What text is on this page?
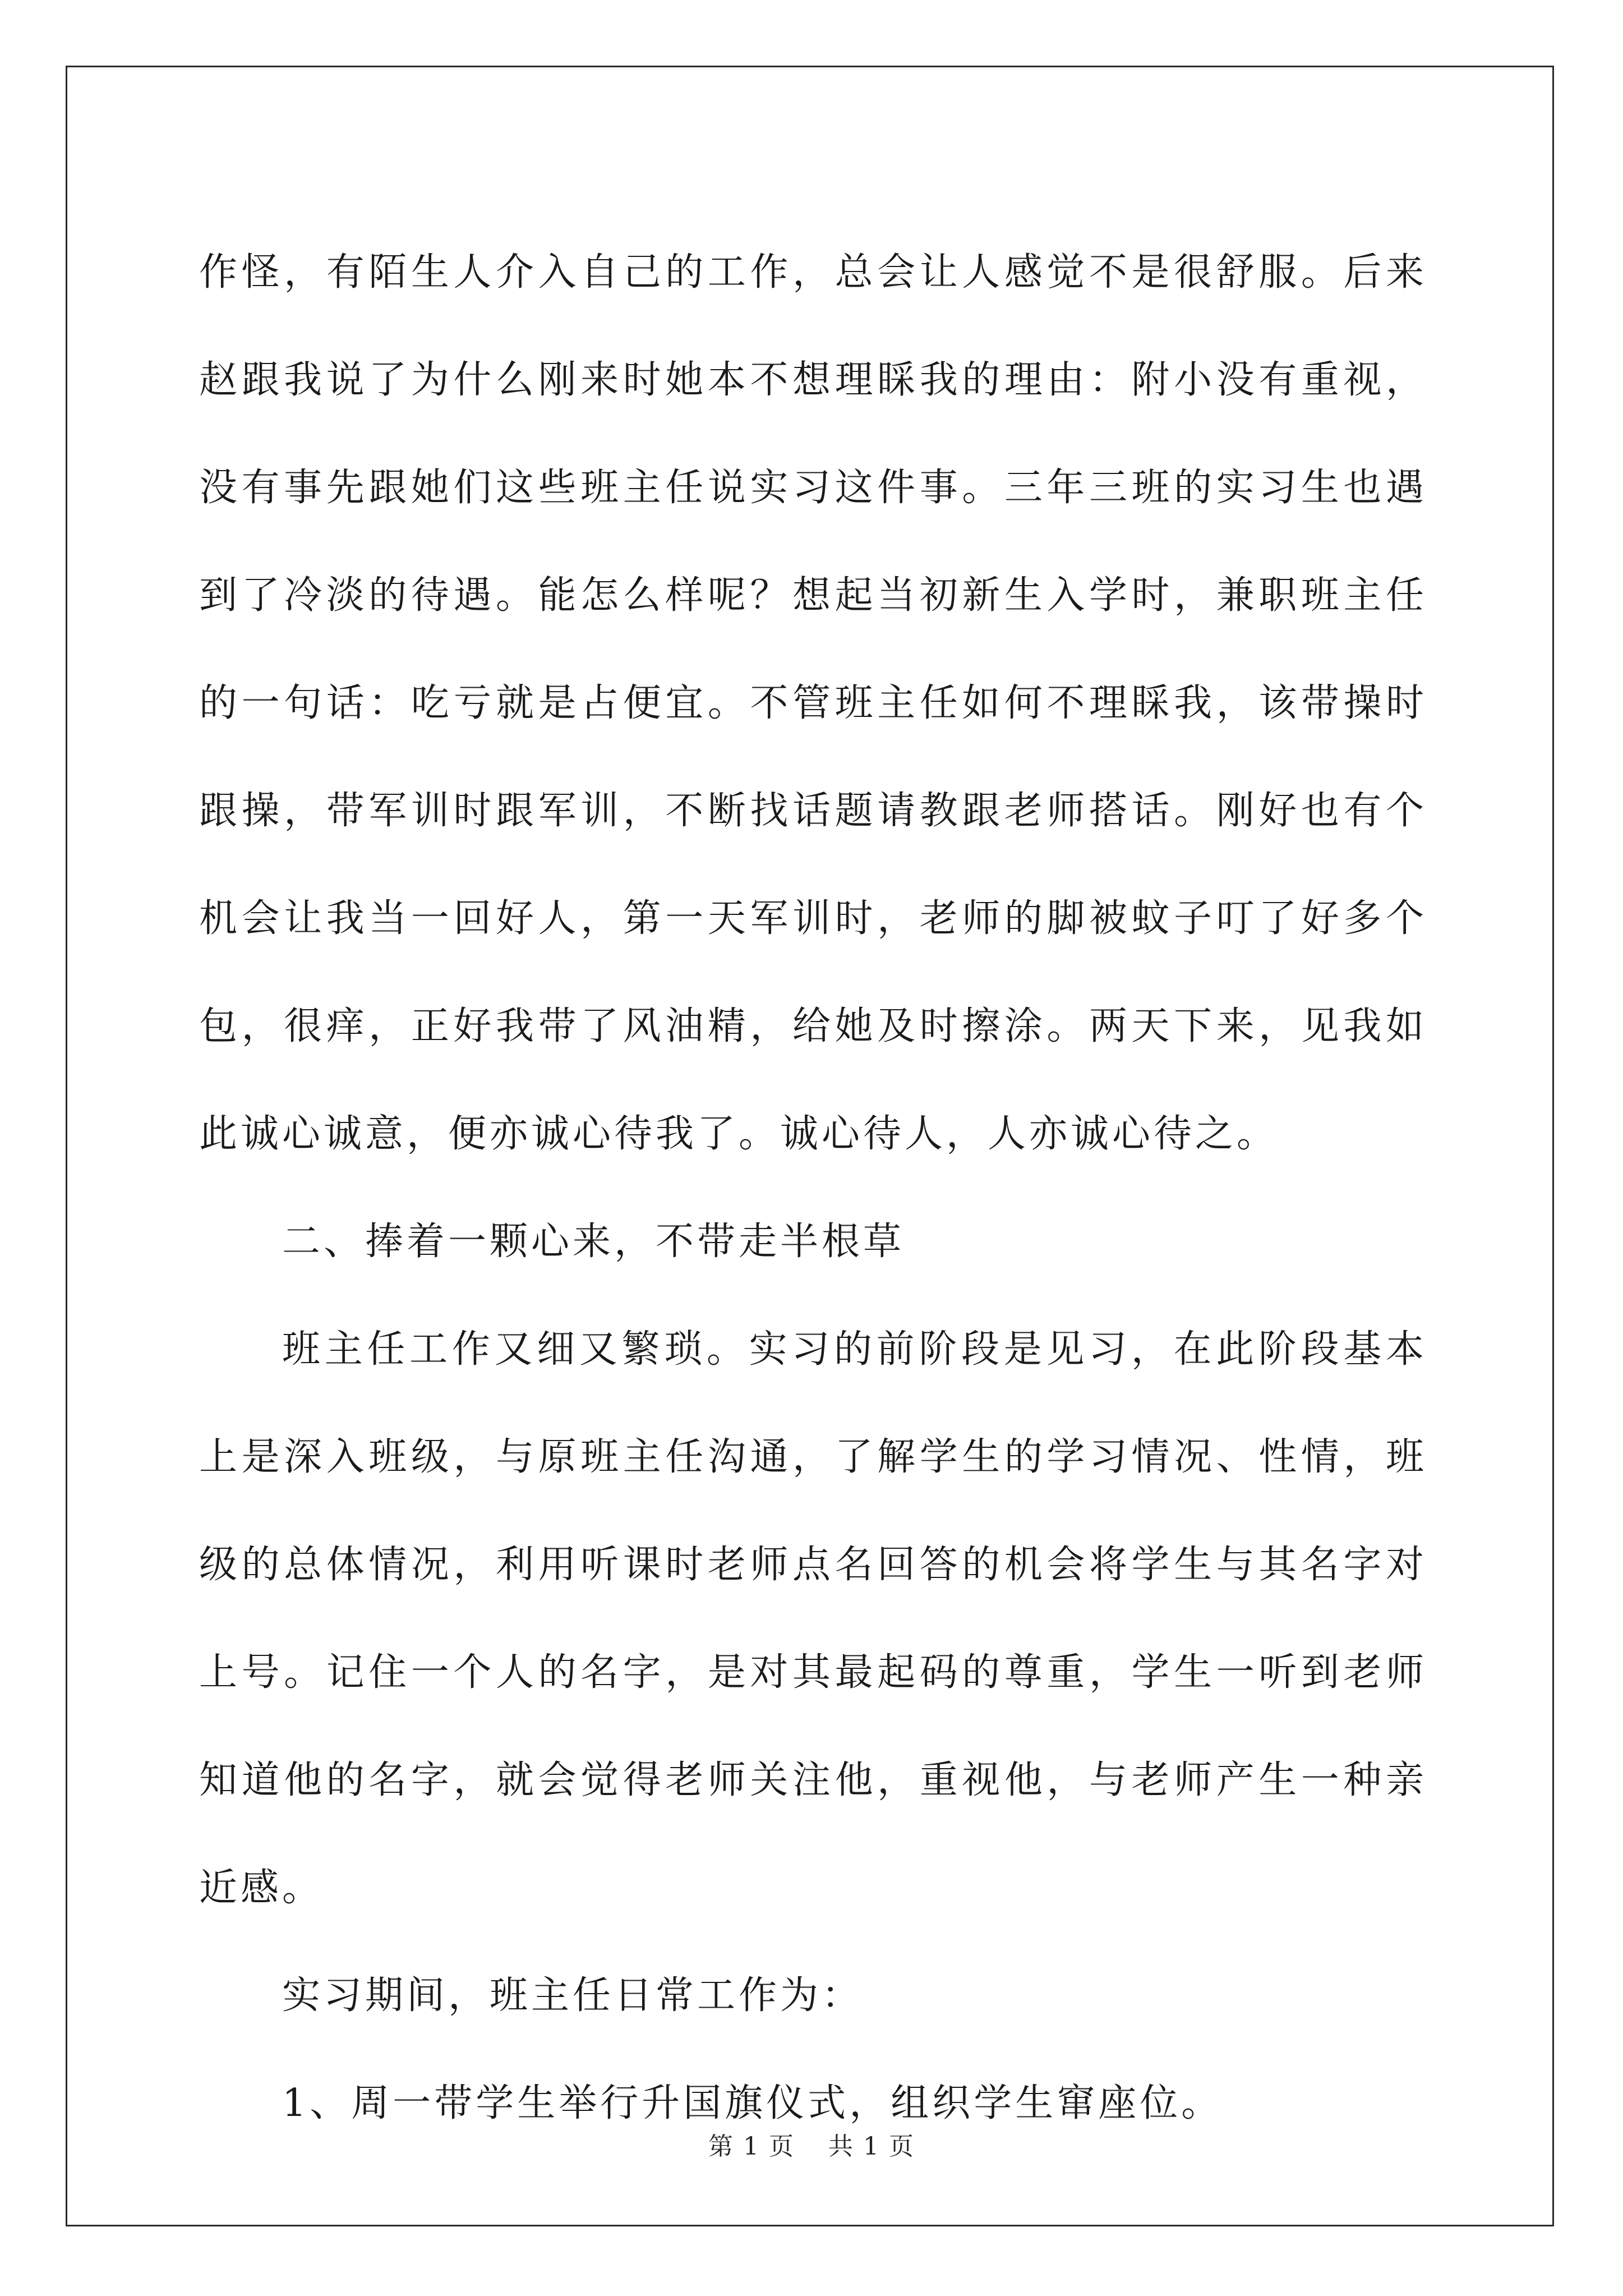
作怪，有陌生人介入自己的工作，总会让人感觉不是很舒服。后来赵跟我说了为什么刚来时她本不想理睬我的理由：附小没有重视，没有事先跟她们这些班主任说实习这件事。三年三班的实习生也遇到了冷淡的待遇。能怎么样呢？想起当初新生入学时，兼职班主任的一句话：吃亏就是占便宜。不管班主任如何不理睬我，该带操时跟操，带军训时跟军训，不断找话题请教跟老师搭话。刚好也有个机会让我当一回好人，第一天军训时，老师的脚被蚊子叮了好多个包，很痒，正好我带了风油精，给她及时擦涂。两天下来，见我如此诚心诚意，便亦诚心待我了。诚心待人，人亦诚心待之。

二、捧着一颗心来，不带走半根草

班主任工作又细又繁琐。实习的前阶段是见习，在此阶段基本上是深入班级，与原班主任沟通，了解学生的学习情况、性情，班级的总体情况，利用听课时老师点名回答的机会将学生与其名字对上号。记住一个人的名字，是对其最起码的尊重，学生一听到老师知道他的名字，就会觉得老师关注他，重视他，与老师产生一种亲近感。

实习期间，班主任日常工作为：

1、周一带学生举行升国旗仪式，组织学生窜座位。

第 1 页 共 1 页
